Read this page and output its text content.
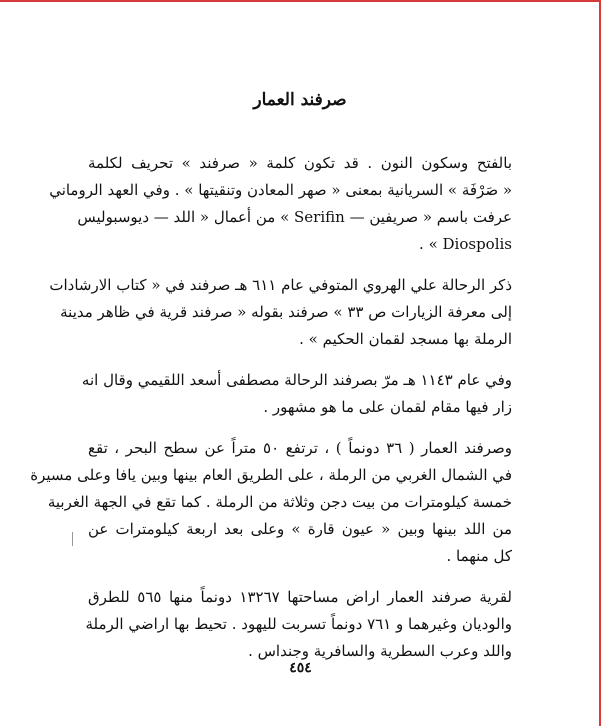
صرفند العمار
بالفتح وسكون النون . قد تكون كلمة « صرفند » تحريف لكلمة
« صَرْفَة » السريانية بمعنى « صهر المعادن وتنقيتها » . وفي العهد الروماني
عرفت باسم « صريفين — Serifin » من أعمال « اللد — ديوسبوليس
Diospolis » .
ذكر الرحالة علي الهروي المتوفي عام ٦١١ هـ صرفند في « كتاب الارشادات
إلى معرفة الزيارات ص ٣٣ » صرفند بقوله « صرفند قرية في ظاهر مدينة
الرملة بها مسجد لقمان الحكيم » .
وفي عام ١١٤٣ هـ مرّ بصرفند الرحالة مصطفى أسعد اللقيمي وقال انه
زار فيها مقام لقمان على ما هو مشهور .
وصرفند العمار ( ٣٦ دونماً ) ، ترتفع ٥٠ متراً عن سطح البحر ، تقع
في الشمال الغربي من الرملة ، على الطريق العام بينها وبين يافا وعلى مسيرة
خمسة كيلومترات من بيت دجن وثلاثة من الرملة . كما تقع في الجهة الغربية
من اللد بينها وبين « عيون قارة » وعلى بعد اربعة كيلومترات عن
كل منهما .
لقرية صرفند العمار اراض مساحتها ١٣٢٦٧ دونماً منها ٥٦٥ للطرق
والوديان وغيرهما و ٧٦١ دونماً تسربت لليهود . تحيط بها اراضي الرملة
واللد وعرب السطرية والسافرية وجنداس .
٤٥٤
